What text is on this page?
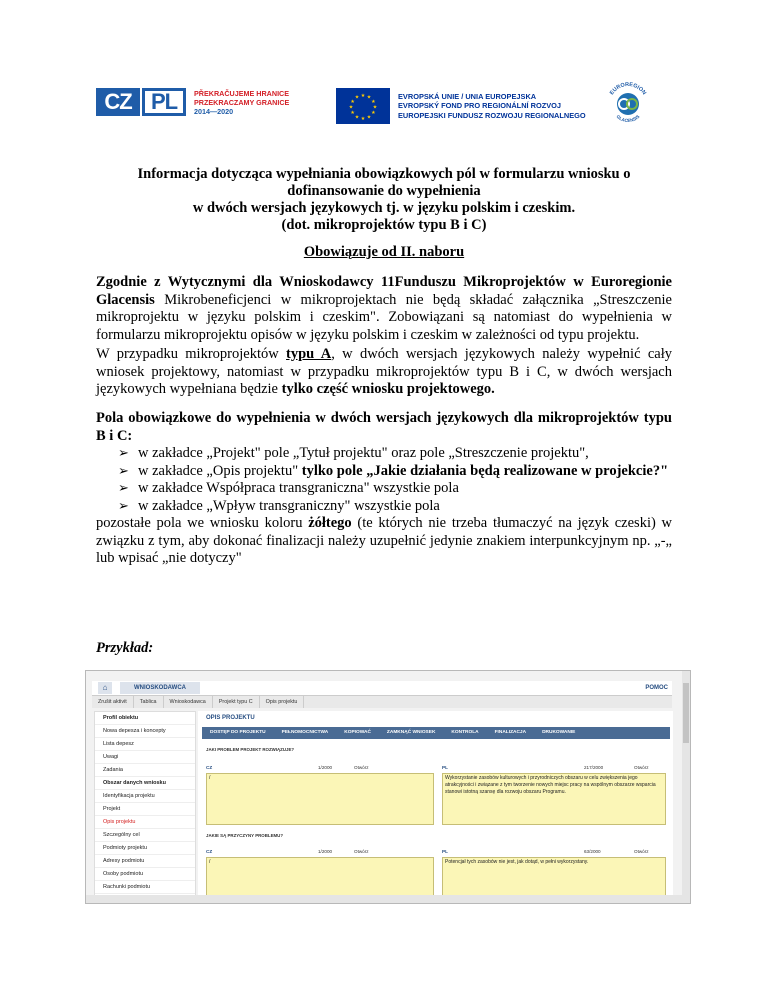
CZ PL	PŘEKRAČUJEME HRANICE
PRZEKRACZAMY GRANICE
2014—2020
★ ★
★
★
★
★
★
★
★
★
★
★	EVROPSKÁ UNIE / UNIA EUROPEJSKA
EVROPSKÝ FOND PRO REGIONÁLNÍ ROZVOJ
EUROPEJSKI FUNDUSZ ROZWOJU REGIONALNEGO
EUROREGION
GLACENSIS
Informacja dotycząca wypełniania obowiązkowych pól w formularzu wniosku o
dofinansowanie do wypełnienia
w dwóch wersjach językowych tj. w języku polskim i czeskim.
(dot. mikroprojektów typu B i C)
Obowiązuje od II. naboru
Zgodnie z Wytycznymi dla Wnioskodawcy 11Funduszu Mikroprojektów w Euroregionie Glacensis Mikrobeneficjenci w mikroprojektach nie będą składać załącznika „Streszczenie mikroprojektu w języku polskim i czeskim". Zobowiązani są natomiast do wypełnienia w formularzu mikroprojektu opisów w języku polskim i czeskim w zależności od typu projektu.
W przypadku mikroprojektów typu A, w dwóch wersjach językowych należy wypełnić cały wniosek projektowy, natomiast w przypadku mikroprojektów typu B i C, w dwóch wersjach językowych wypełniana będzie tylko część wniosku projektowego.
Pola obowiązkowe do wypełnienia w dwóch wersjach językowych dla mikroprojektów typu B i C:
➢ w zakładce „Projekt" pole „Tytuł projektu" oraz pole „Streszczenie projektu",
➢ w zakładce „Opis projektu" tylko pole „Jakie działania będą realizowane w projekcie?"
➢ w zakładce Współpraca transgraniczna" wszystkie pola
➢ w zakładce „Wpływ transgraniczny" wszystkie pola
pozostałe pola we wniosku koloru żółtego (te których nie trzeba tłumaczyć na język czeski) w związku z tym, aby dokonać finalizacji należy uzupełnić jedynie znakiem interpunkcyjnym np. „-„ lub wpisać „nie dotyczy"
Przykład:
⌂	WNIOSKODAWCA	POMOC
Zrušit aktivit	Tablica	Wnioskodawca	Projekt typu C	Opis projektu
Profil obiektu
Nowa depesza i koncepty
Lista depesz
Uwagi
Zadania
Obszar danych wniosku
Identyfikacja projektu
Projekt
Opis projektu
Szczególny cel
Podmioty projektu
Adresy podmiotu
Osoby podmiotu
Rachunki podmiotu
OPIS PROJEKTU
DOSTĘP DO PROJEKTU	PEŁNOMOCNICTWA	KOPIOWAĆ	ZAMKNĄĆ WNIOSEK	KONTROLA	FINALIZACJA	DRUKOWANIE
JAKI PROBLEM PROJEKT ROZWIĄZUJE?
CZ	1/2000	Otwórz	PL	217/2000	Otwórz
/	Wykorzystanie zasobów kulturowych i przyrodniczych obszaru w celu zwiększenia jego atrakcyjności i związane z tym tworzenie nowych miejsc pracy na wspólnym obszarze wsparcia stanowi istotną szansę dla rozwoju obszaru Programu.
JAKIE SĄ PRZYCZYNY PROBLEMU?
CZ	1/2000	Otwórz	PL	63/2000	Otwórz
/	Potencjał tych zasobów nie jest, jak dotąd, w pełni wykorzystany.
